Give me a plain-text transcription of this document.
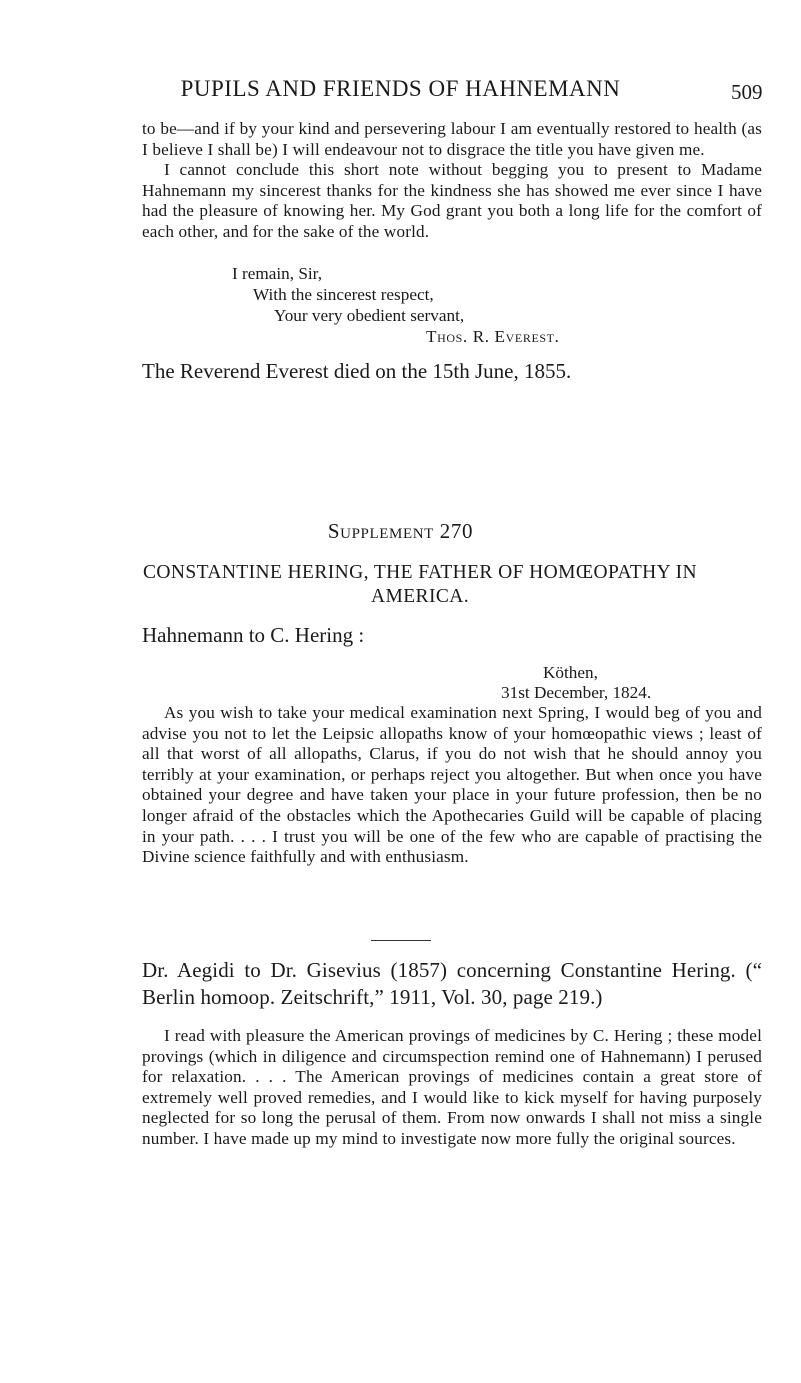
PUPILS AND FRIENDS OF HAHNEMANN	509

to be—and if by your kind and persevering labour I am eventually restored to health (as I believe I shall be) I will endeavour not to disgrace the title you have given me.

I cannot conclude this short note without begging you to present to Madame Hahnemann my sincerest thanks for the kindness she has showed me ever since I have had the pleasure of knowing her. My God grant you both a long life for the comfort of each other, and for the sake of the world.

I remain, Sir,
With the sincerest respect,
Your very obedient servant,
Thos. R. Everest.
The Reverend Everest died on the 15th June, 1855.
Supplement 270
CONSTANTINE HERING, THE FATHER OF HOMŒOPATHY IN AMERICA.
Hahnemann to C. Hering :
Köthen,
31st December, 1824.

As you wish to take your medical examination next Spring, I would beg of you and advise you not to let the Leipsic allopaths know of your homœopathic views ; least of all that worst of all allopaths, Clarus, if you do not wish that he should annoy you terribly at your examination, or perhaps reject you altogether. But when once you have obtained your degree and have taken your place in your future profession, then be no longer afraid of the obstacles which the Apothecaries Guild will be capable of placing in your path. . . . I trust you will be one of the few who are capable of practising the Divine science faithfully and with enthusiasm.

Dr. Aegidi to Dr. Gisevius (1857) concerning Constantine Hering. (“ Berlin homoop. Zeitschrift,” 1911, Vol. 30, page 219.)

I read with pleasure the American provings of medicines by C. Hering ; these model provings (which in diligence and circumspection remind one of Hahnemann) I perused for relaxation. . . . The American provings of medicines contain a great store of extremely well proved remedies, and I would like to kick myself for having purposely neglected for so long the perusal of them. From now onwards I shall not miss a single number. I have made up my mind to investigate now more fully the original sources.
